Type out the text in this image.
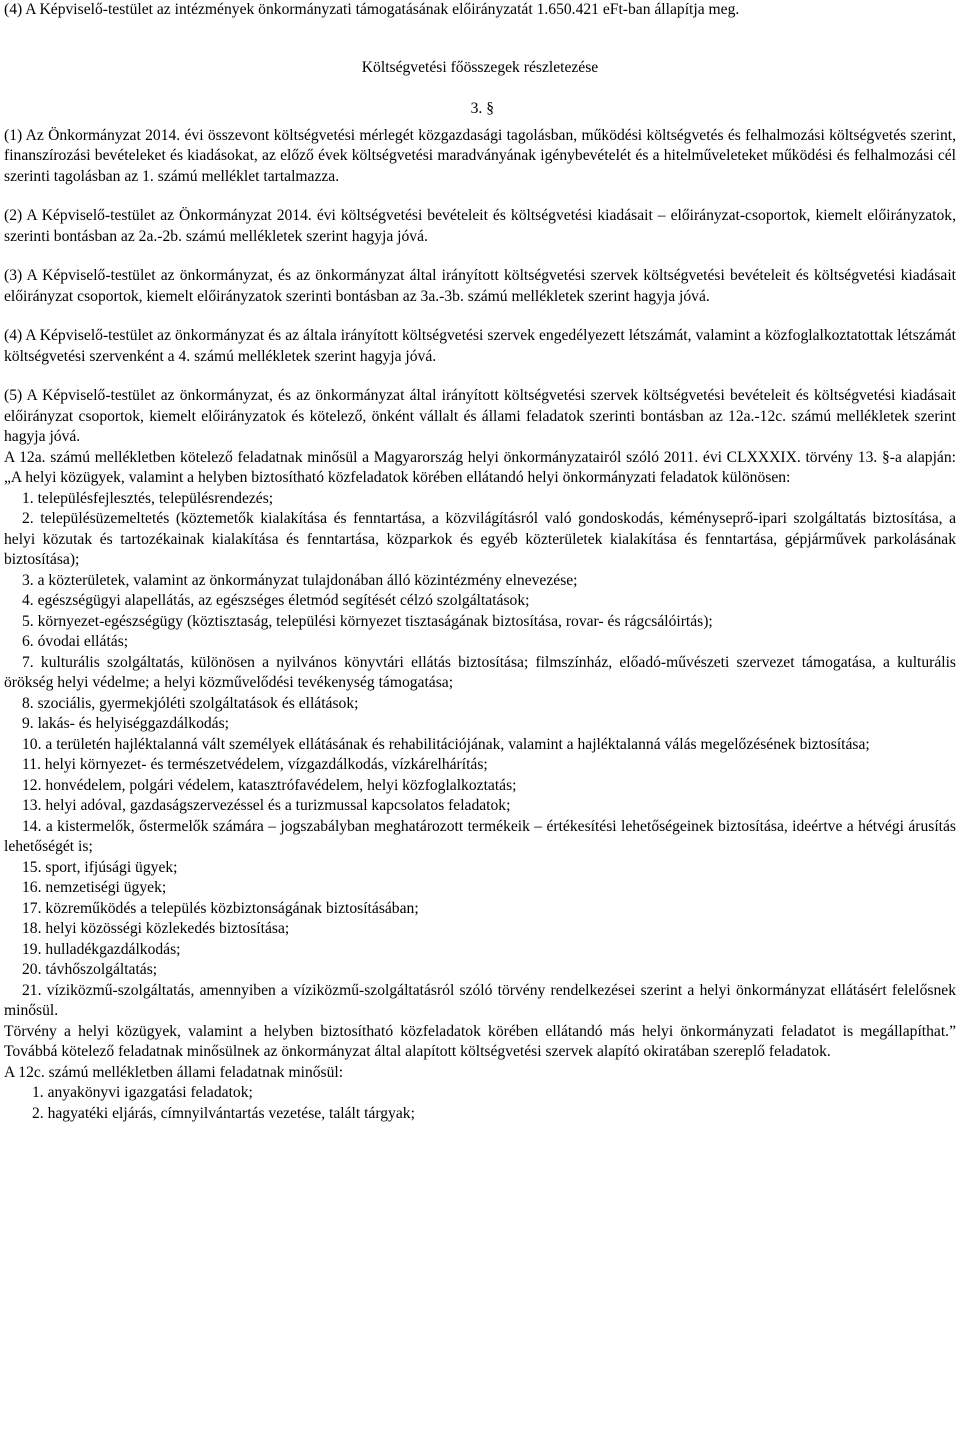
(4) A Képviselő-testület az intézmények önkormányzati támogatásának előirányzatát 1.650.421 eFt-ban állapítja meg.

Költségvetési főösszegek részletezése

3. §

(1) Az Önkormányzat 2014. évi összevont költségvetési mérlegét közgazdasági tagolásban, működési költségvetés és felhalmozási költségvetés szerint, finanszírozási bevételeket és kiadásokat, az előző évek költségvetési maradványának igénybevételét és a hitelműveleteket működési és felhalmozási cél szerinti tagolásban az 1. számú melléklet tartalmazza.

(2) A Képviselő-testület az Önkormányzat 2014. évi költségvetési bevételeit és költségvetési kiadásait – előirányzat-csoportok, kiemelt előirányzatok, szerinti bontásban az 2a.-2b. számú mellékletek szerint hagyja jóvá.

(3) A Képviselő-testület az önkormányzat, és az önkormányzat által irányított költségvetési szervek költségvetési bevételeit és költségvetési kiadásait előirányzat csoportok, kiemelt előirányzatok szerinti bontásban az 3a.-3b. számú mellékletek szerint hagyja jóvá.

(4) A Képviselő-testület az önkormányzat és az általa irányított költségvetési szervek engedélyezett létszámát, valamint a közfoglalkoztatottak létszámát költségvetési szervenként a 4. számú mellékletek szerint hagyja jóvá.

(5) A Képviselő-testület az önkormányzat, és az önkormányzat által irányított költségvetési szervek költségvetési bevételeit és költségvetési kiadásait előirányzat csoportok, kiemelt előirányzatok és kötelező, önként vállalt és állami feladatok szerinti bontásban az 12a.-12c. számú mellékletek szerint hagyja jóvá.

A 12a. számú mellékletben kötelező feladatnak minősül a Magyarország helyi önkormányzatairól szóló 2011. évi CLXXXIX. törvény 13. §-a alapján: „A helyi közügyek, valamint a helyben biztosítható közfeladatok körében ellátandó helyi önkormányzati feladatok különösen:

1. településfejlesztés, településrendezés;

2. településüzemeltetés (köztemetők kialakítása és fenntartása, a közvilágításról való gondoskodás, kéményseprő-ipari szolgáltatás biztosítása, a helyi közutak és tartozékainak kialakítása és fenntartása, közparkok és egyéb közterületek kialakítása és fenntartása, gépjárművek parkolásának biztosítása);

3. a közterületek, valamint az önkormányzat tulajdonában álló közintézmény elnevezése;

4. egészségügyi alapellátás, az egészséges életmód segítését célzó szolgáltatások;

5. környezet-egészségügy (köztisztaság, települési környezet tisztaságának biztosítása, rovar- és rágcsálóirtás);

6. óvodai ellátás;

7. kulturális szolgáltatás, különösen a nyilvános könyvtári ellátás biztosítása; filmszínház, előadó-művészeti szervezet támogatása, a kulturális örökség helyi védelme; a helyi közművelődési tevékenység támogatása;

8. szociális, gyermekjóléti szolgáltatások és ellátások;

9. lakás- és helyiséggazdálkodás;

10. a területén hajléktalanná vált személyek ellátásának és rehabilitációjának, valamint a hajléktalanná válás megelőzésének biztosítása;

11. helyi környezet- és természetvédelem, vízgazdálkodás, vízkárelhárítás;

12. honvédelem, polgári védelem, katasztrófavédelem, helyi közfoglalkoztatás;

13. helyi adóval, gazdaságszervezéssel és a turizmussal kapcsolatos feladatok;

14. a kistermelők, őstermelők számára – jogszabályban meghatározott termékeik – értékesítési lehetőségeinek biztosítása, ideértve a hétvégi árusítás lehetőségét is;

15. sport, ifjúsági ügyek;

16. nemzetiségi ügyek;

17. közreműködés a település közbiztonságának biztosításában;

18. helyi közösségi közlekedés biztosítása;

19. hulladékgazdálkodás;

20. távhőszolgáltatás;

21. víziközmű-szolgáltatás, amennyiben a víziközmű-szolgáltatásról szóló törvény rendelkezései szerint a helyi önkormányzat ellátásért felelősnek minősül.

Törvény a helyi közügyek, valamint a helyben biztosítható közfeladatok körében ellátandó más helyi önkormányzati feladatot is megállapíthat.” Továbbá kötelező feladatnak minősülnek az önkormányzat által alapított költségvetési szervek alapító okiratában szereplő feladatok.

A 12c. számú mellékletben állami feladatnak minősül:

1. anyakönyvi igazgatási feladatok;

2. hagyatéki eljárás, címnyilvántartás vezetése, talált tárgyak;
